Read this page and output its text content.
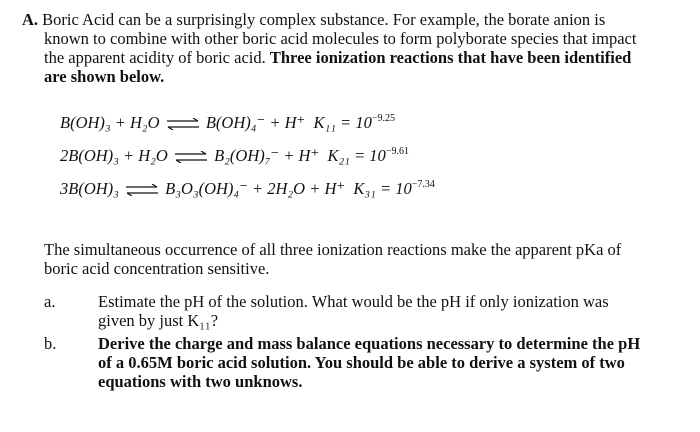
A. Boric Acid can be a surprisingly complex substance. For example, the borate anion is
known to combine with other boric acid molecules to form polyborate species that impact
the apparent acidity of boric acid. Three ionization reactions that have been identified
are shown below.
B(OH)₃ + H₂O ⇌ B(OH)₄⁻ + H⁺ $K_{11} = 10^{-9.25}$
2B(OH)₃ + H₂O ⇌ B₂(OH)₇⁻ + H⁺ $K_{21} = 10^{-9.61}$
3B(OH)₃ ⇌ B₃O₃(OH)₄⁻ + 2H₂O + H⁺ $K_{31} = 10^{-7.34}$
The simultaneous occurrence of all three ionization reactions make the apparent pKa of
boric acid concentration sensitive.
a.	Estimate the pH of the solution. What would be the pH if only ionization was
given by just K₁₁?
b.	Derive the charge and mass balance equations necessary to determine the pH
of a 0.65M boric acid solution. You should be able to derive a system of two
equations with two unknows.
